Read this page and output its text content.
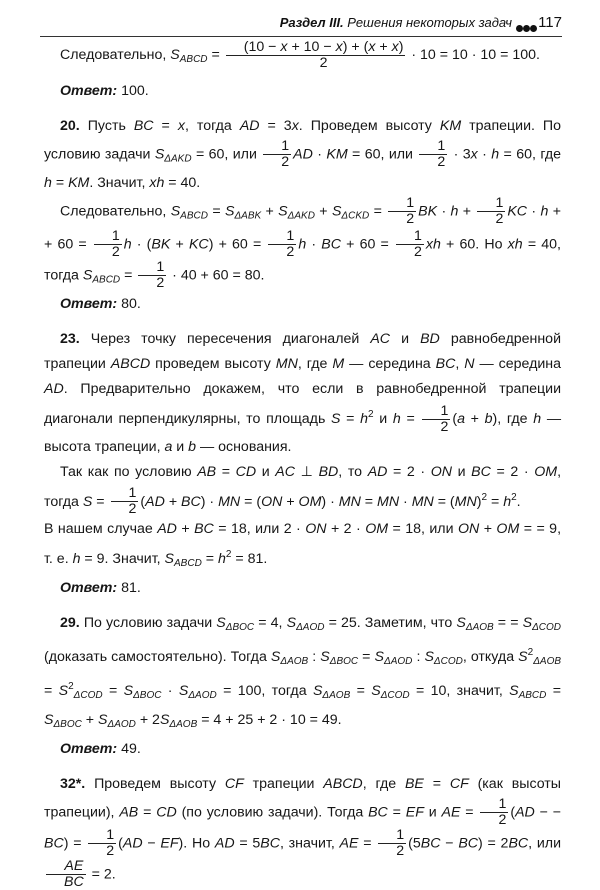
Раздел III. Решения некоторых задач 117

Следовательно, $S_{ABCD} = \frac{(10 - x + 10 - x) + (x + x)}{2} \cdot 10 = 10 \cdot 10 = 100$.

Ответ: 100.

20. Пусть BC = x, тогда AD = 3x. Проведем высоту KM трапеции. По условию задачи $S_{\Delta AKD} = 60$, или $\frac{1}{2}$ AD · KM = 60, или $\frac{1}{2} \cdot 3x \cdot h = 60$, где h = KM. Значит, xh = 40.

Следовательно, $S_{ABCD} = S_{\Delta ABK} + S_{\Delta AKD} + S_{\Delta CKD} = \frac{1}{2}$ BK · $h + \frac{1}{2}$ KC · h + + $60 = \frac{1}{2}$ $h \cdot (BK + KC) + 60 = \frac{1}{2}$ h · BC + $60 = \frac{1}{2}$ xh + 60. Но xh = 40, тогда $S_{ABCD} = \frac{1}{2} \cdot 40 + 60 = 80$.

Ответ: 80.

23. Через точку пересечения диагоналей AC и BD равнобедренной трапеции ABCD проведем высоту MN, где M — середина BC, N — середина AD. Предварительно докажем, что если в равнобедренной трапеции диагонали перпендикулярны, то площадь $S = h^2$ и $h = \frac{1}{2} (a + b)$, где h — высота трапеции, a и b — основания.

Так как по условию AB = CD и AC ⊥ BD, то AD = 2 · ON и BC = 2 · OM, тогда $S = \frac{1}{2} (AD + BC)$ · MN = (ON + OM) · MN = MN · MN = $(MN)^2 = h^2$.

В нашем случае AD + BC = 18, или 2 · ON + 2 · OM = 18, или ON + OM = = 9, т. е. h = 9. Значит, $S_{ABCD} = h^2 = 81$.

Ответ: 81.

29. По условию задачи $S_{\Delta BOC} = 4$, $S_{\Delta AOD} = 25$. Заметим, что $S_{\Delta AOB}$ = = $S_{\Delta COD}$ (доказать самостоятельно). Тогда $S_{\Delta AOB}$ : $S_{\Delta BOC} = S_{\Delta AOD}$ : $S_{\Delta COD}$, откуда $S^2_{\Delta AOB} = S^2_{\Delta COD} = S_{\Delta BOC} \cdot S_{\Delta AOD} = 100$, тогда $S_{\Delta AOB} = S_{\Delta COD} = 10$, значит, $S_{ABCD} = S_{\Delta BOC} + S_{\Delta AOD} + 2S_{\Delta AOB} = 4 + 25 + 2 \cdot 10 = 49$.

Ответ: 49.

32*. Проведем высоту CF трапеции ABCD, где BE = CF (как высоты трапеции), AB = CD (по условию задачи). Тогда BC = EF и AE = $\frac{1}{2} (AD$ − − $BC) = \frac{1}{2} (AD - EF)$. Но AD = 5BC, значит, AE = $\frac{1}{2} (5BC - BC) = 2BC$, или
$\frac{AE}{BC} = 2$.
